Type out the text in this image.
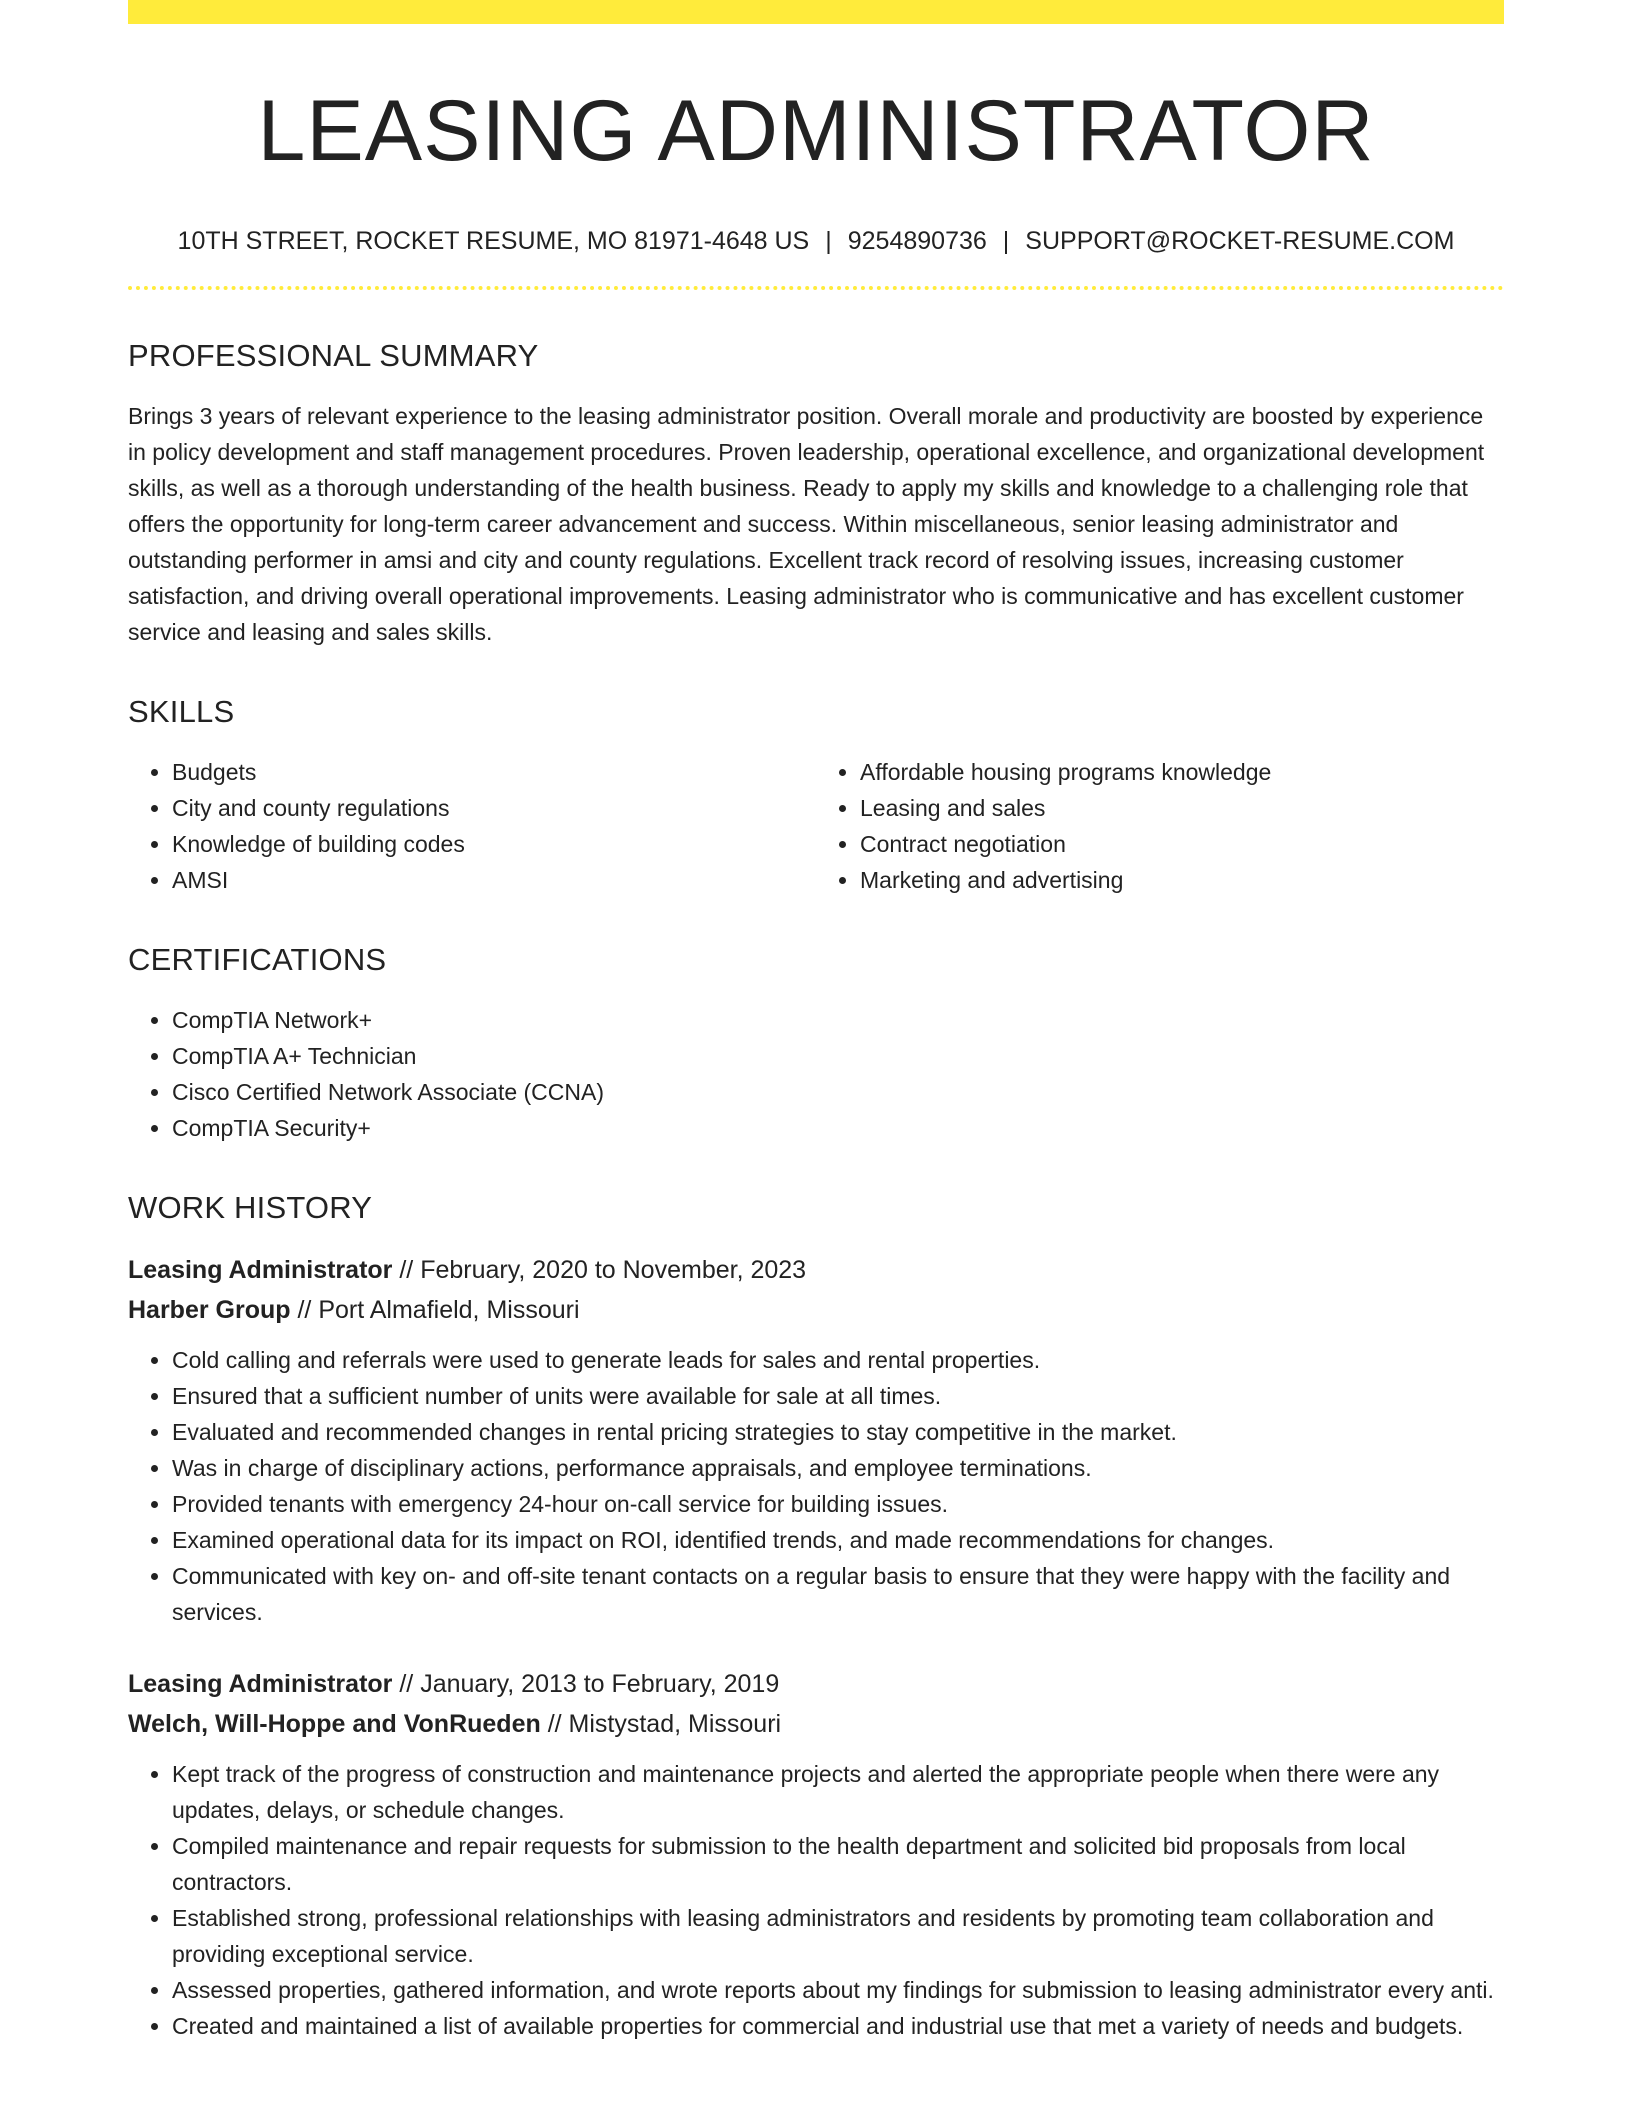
LEASING ADMINISTRATOR
10TH STREET, ROCKET RESUME, MO 81971-4648 US | 9254890736 | SUPPORT@ROCKET-RESUME.COM
PROFESSIONAL SUMMARY

Brings 3 years of relevant experience to the leasing administrator position. Overall morale and productivity are boosted by experience in policy development and staff management procedures. Proven leadership, operational excellence, and organizational development skills, as well as a thorough understanding of the health business. Ready to apply my skills and knowledge to a challenging role that offers the opportunity for long-term career advancement and success. Within miscellaneous, senior leasing administrator and outstanding performer in amsi and city and county regulations. Excellent track record of resolving issues, increasing customer satisfaction, and driving overall operational improvements. Leasing administrator who is communicative and has excellent customer service and leasing and sales skills.

SKILLS
• Budgets
• City and county regulations
• Knowledge of building codes
• AMSI
• Affordable housing programs knowledge
• Leasing and sales
• Contract negotiation
• Marketing and advertising
CERTIFICATIONS
• CompTIA Network+
• CompTIA A+ Technician
• Cisco Certified Network Associate (CCNA)
• CompTIA Security+
WORK HISTORY
Leasing Administrator // February, 2020 to November, 2023
Harber Group // Port Almafield, Missouri
• Cold calling and referrals were used to generate leads for sales and rental properties.
• Ensured that a sufficient number of units were available for sale at all times.
• Evaluated and recommended changes in rental pricing strategies to stay competitive in the market.
• Was in charge of disciplinary actions, performance appraisals, and employee terminations.
• Provided tenants with emergency 24-hour on-call service for building issues.
• Examined operational data for its impact on ROI, identified trends, and made recommendations for changes.
• Communicated with key on- and off-site tenant contacts on a regular basis to ensure that they were happy with the facility and services.
Leasing Administrator // January, 2013 to February, 2019
Welch, Will-Hoppe and VonRueden // Mistystad, Missouri
• Kept track of the progress of construction and maintenance projects and alerted the appropriate people when there were any updates, delays, or schedule changes.
• Compiled maintenance and repair requests for submission to the health department and solicited bid proposals from local contractors.
• Established strong, professional relationships with leasing administrators and residents by promoting team collaboration and providing exceptional service.
• Assessed properties, gathered information, and wrote reports about my findings for submission to leasing administrator every anti.
• Created and maintained a list of available properties for commercial and industrial use that met a variety of needs and budgets.
